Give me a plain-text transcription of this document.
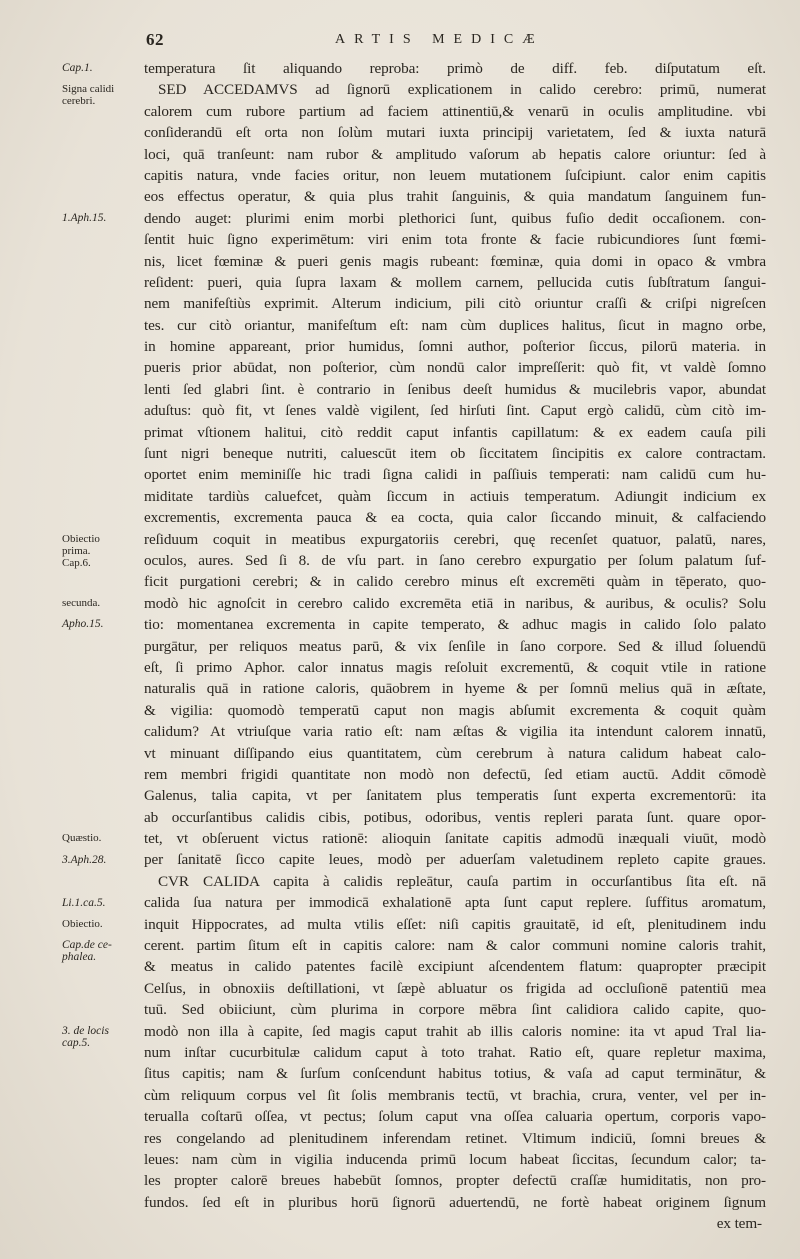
62	ARTIS MEDICÆ
Cap.1.
Signa calidi
cerebri.
1.Aph.15.
Obiectio
prima.
Cap.6.
secunda.
Apho.15.
Quæstio.
3.Aph.28.
Li.1.ca.5.
Obiectio.
Cap.de ce-
phalea.
3. de locis
cap.5.
temperatura ſit aliquando reproba: primò de diff. feb. diſputatum eſt.
SED ACCEDAMVS ad ſignorū explicationem in calido cerebro: primū, numerat
calorem cum rubore partium ad faciem attinentiū,& venarū in oculis amplitudine. vbi
conſiderandū eſt orta non ſolùm mutari iuxta principij varietatem, ſed & iuxta naturā
loci, quā tranſeunt: nam rubor & amplitudo vaſorum ab hepatis calore oriuntur: ſed à
capitis natura, vnde facies oritur, non leuem mutationem ſuſcipiunt. calor enim capitis
eos effectus operatur, & quia plus trahit ſanguinis, & quia mandatum ſanguinem fun-
dendo auget: plurimi enim morbi plethorici ſunt, quibus fuſio dedit occaſionem. con-
ſentit huic ſigno experimētum: viri enim tota fronte & facie rubicundiores ſunt fœmi-
nis, licet fœminæ & pueri genis magis rubeant: fœminæ, quia domi in opaco & vmbra
reſident: pueri, quia ſupra laxam & mollem carnem, pellucida cutis ſubſtratum ſangui-
nem manifeſtiùs exprimit. Alterum indicium, pili citò oriuntur craſſi & criſpi nigreſcen
tes. cur citò oriantur, manifeſtum eſt: nam cùm duplices halitus, ſicut in magno orbe,
in homine appareant, prior humidus, ſomni author, poſterior ſiccus, pilorū materia. in
pueris prior abūdat, non poſterior, cùm nondū calor impreſſerit: quò fit, vt valdè ſomno
lenti ſed glabri ſint. è contrario in ſenibus deeſt humidus & mucilebris vapor, abundat
aduſtus: quò fit, vt ſenes valdè vigilent, ſed hirſuti ſint. Caput ergò calidū, cùm citò im-
primat vſtionem halitui, citò reddit caput infantis capillatum: & ex eadem cauſa pili
ſunt nigri beneque nutriti, caluescūt item ob ſiccitatem ſincipitis ex calore contractam.
oportet enim meminiſſe hic tradi ſigna calidi in paſſiuis temperati: nam calidū cum hu-
miditate tardiùs caluefcet, quàm ſiccum in actiuis temperatum. Adiungit indicium ex
excrementis, excrementa pauca & ea cocta, quia calor ſiccando minuit, & calfaciendo
reſiduum coquit in meatibus expurgatoriis cerebri, quę recenſet quatuor, palatū, nares,
oculos, aures. Sed ſi 8. de vſu part. in ſano cerebro expurgatio per ſolum palatum ſuf-
ficit purgationi cerebri; & in calido cerebro minus eſt excremēti quàm in tēperato, quo-
modò hic agnoſcit in cerebro calido excremēta etiā in naribus, & auribus, & oculis? Solu
tio: momentanea excrementa in capite temperato, & adhuc magis in calido ſolo palato
purgātur, per reliquos meatus parū, & vix ſenſile in ſano corpore. Sed & illud ſoluendū
eſt, ſi primo Aphor. calor innatus magis reſoluit excrementū, & coquit vtile in ratione
naturalis quā in ratione caloris, quāobrem in hyeme & per ſomnū melius quā in æſtate,
& vigilia: quomodò temperatū caput non magis abſumit excrementa & coquit quàm
calidum? At vtriuſque varia ratio eſt: nam æſtas & vigilia ita intendunt calorem innatū,
vt minuant diſſipando eius quantitatem, cùm cerebrum à natura calidum habeat calo-
rem membri frigidi quantitate non modò non defectū, ſed etiam auctū. Addit cōmodè
Galenus, talia capita, vt per ſanitatem plus temperatis ſunt experta excrementorū: ita
ab occurſantibus calidis cibis, potibus, odoribus, ventis repleri parata ſunt. quare opor-
tet, vt obſeruent victus rationē: alioquin ſanitate capitis admodū inæquali viuūt, modò
per ſanitatē ſicco capite leues, modò per aduerſam valetudinem repleto capite graues.
CVR CALIDA capita à calidis repleātur, cauſa partim in occurſantibus ſita eſt. nā
calida ſua natura per immodicā exhalationē apta ſunt caput replere. ſuffitus aromatum,
inquit Hippocrates, ad multa vtilis eſſet: niſi capitis grauitatē, id eſt, plenitudinem indu
cerent. partim ſitum eſt in capitis calore: nam & calor communi nomine caloris trahit,
& meatus in calido patentes facilè excipiunt aſcendentem flatum: quapropter præcipit
Celſus, in obnoxiis deſtillationi, vt ſæpè abluatur os frigida ad occluſionē patentiū mea
tuū. Sed obiiciunt, cùm plurima in corpore mēbra ſint calidiora calido capite, quo-
modò non illa à capite, ſed magis caput trahit ab illis caloris nomine: ita vt apud Tral lia-
num inſtar cucurbitulæ calidum caput à toto trahat. Ratio eſt, quare repletur maxima,
ſitus capitis; nam & ſurſum conſcendunt habitus totius, & vaſa ad caput terminātur, &
cùm reliquum corpus vel ſit ſolis membranis tectū, vt brachia, crura, venter, vel per in-
terualla coſtarū oſſea, vt pectus; ſolum caput vna oſſea caluaria opertum, corporis vapo-
res congelando ad plenitudinem inferendam retinet. Vltimum indiciū, ſomni breues &
leues: nam cùm in vigilia inducenda primū locum habeat ſiccitas, ſecundum calor; ta-
les propter calorē breues habebūt ſomnos, propter defectū craſſæ humiditatis, non pro-
fundos. ſed eſt in pluribus horū ſignorū aduertendū, ne fortè habeat originem ſignum
ex tem-
